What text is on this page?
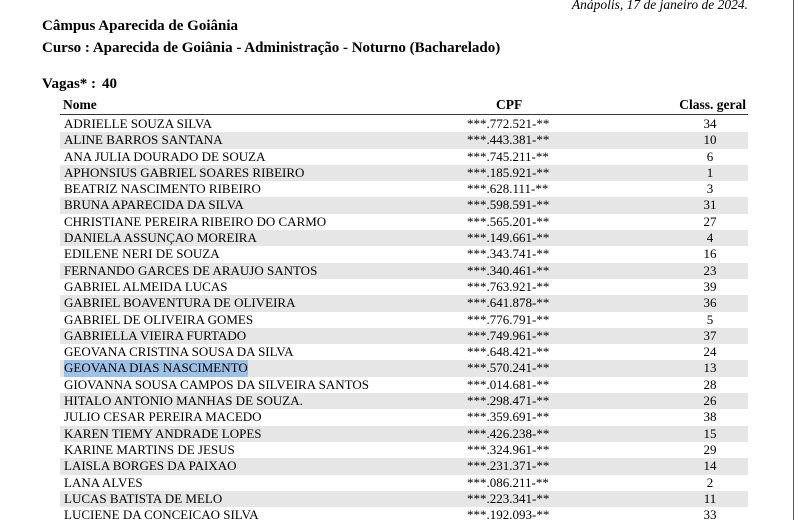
Anápolis, 17 de janeiro de 2024.
Câmpus Aparecida de Goiânia
Curso : Aparecida de Goiânia - Administração - Noturno (Bacharelado)
Vagas* : 40
Nome	CPF	Class. geral
ADRIELLE SOUZA SILVA	***.772.521-**	34
ALINE BARROS SANTANA	***.443.381-**	10
ANA JULIA DOURADO DE SOUZA	***.745.211-**	6
APHONSIUS GABRIEL SOARES RIBEIRO	***.185.921-**	1
BEATRIZ NASCIMENTO RIBEIRO	***.628.111-**	3
BRUNA APARECIDA DA SILVA	***.598.591-**	31
CHRISTIANE PEREIRA RIBEIRO DO CARMO	***.565.201-**	27
DANIELA ASSUNÇAO MOREIRA	***.149.661-**	4
EDILENE NERI DE SOUZA	***.343.741-**	16
FERNANDO GARCES DE ARAUJO SANTOS	***.340.461-**	23
GABRIEL ALMEIDA LUCAS	***.763.921-**	39
GABRIEL BOAVENTURA DE OLIVEIRA	***.641.878-**	36
GABRIEL DE OLIVEIRA GOMES	***.776.791-**	5
GABRIELLA VIEIRA FURTADO	***.749.961-**	37
GEOVANA CRISTINA SOUSA DA SILVA	***.648.421-**	24
GEOVANA DIAS NASCIMENTO	***.570.241-**	13
GIOVANNA SOUSA CAMPOS DA SILVEIRA SANTOS	***.014.681-**	28
HITALO ANTONIO MANHAS DE SOUZA.	***.298.471-**	26
JULIO CESAR PEREIRA MACEDO	***.359.691-**	38
KAREN TIEMY ANDRADE LOPES	***.426.238-**	15
KARINE MARTINS DE JESUS	***.324.961-**	29
LAISLA BORGES DA PAIXAO	***.231.371-**	14
LANA ALVES	***.086.211-**	2
LUCAS BATISTA DE MELO	***.223.341-**	11
LUCIENE DA CONCEICAO SILVA	***.192.093-**	33
